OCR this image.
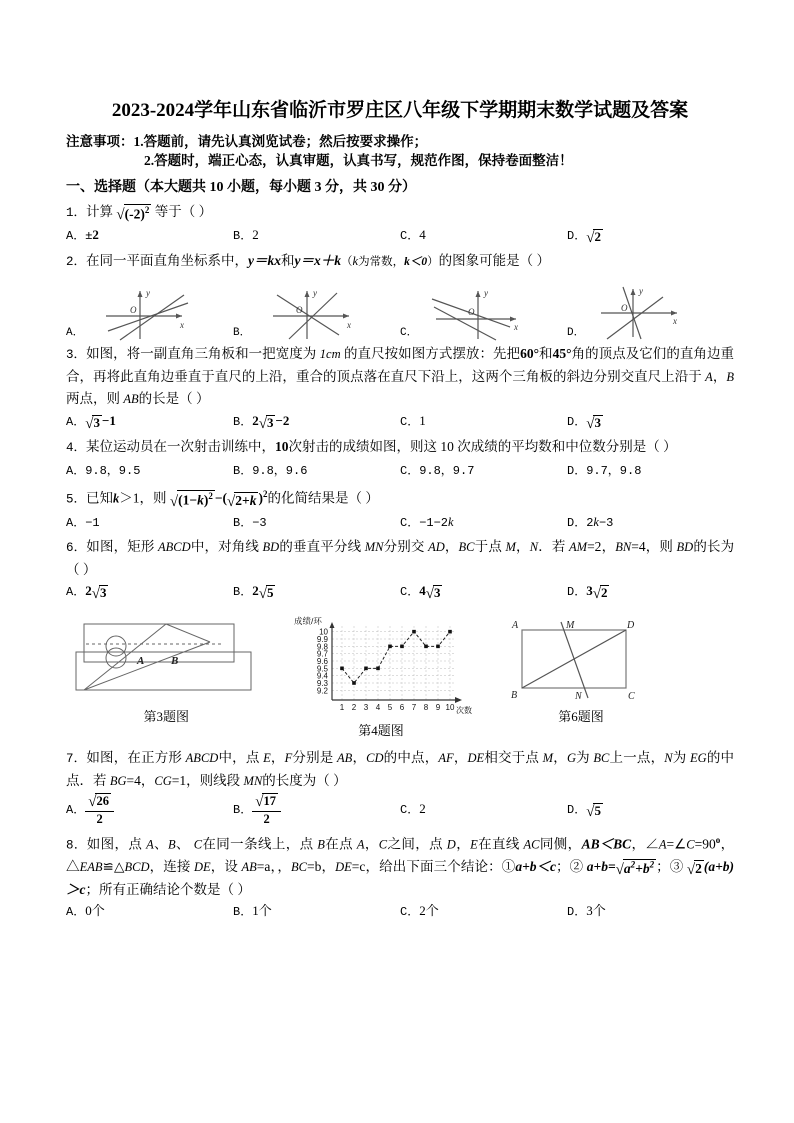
2023-2024学年山东省临沂市罗庄区八年级下学期期末数学试题及答案
注意事项：1.答题前，请先认真浏览试卷；然后按要求操作；
2.答题时，端正心态，认真审题，认真书写，规范作图，保持卷面整洁！
一、选择题（本大题共 10 小题，每小题 3 分，共 30 分）
1．计算 $√(-2)^2$ 等于（ ）
A．±2	B．2	C．4	D．√2
2．在同一平面直角坐标系中，y＝kx和y＝x＋k（k为常数，k＜0）的图象可能是（ ）
A．
O
x
y
B．
O
x
y
C．
O
x
y
D．
O
x
y
3．如图，将一副直角三角板和一把宽度为 1cm 的直尺按如图方式摆放：先把60°和45°角的顶点及它们的直角边重合，再将此直角边垂直于直尺的上沿，重合的顶点落在直尺下沿上，这两个三角板的斜边分别交直尺上沿于 A，B两点，则 AB的长是（ ）
A．√3 −1	B．2√3 −2	C．1	D．√3
4．某位运动员在一次射击训练中，10次射击的成绩如图，则这 10 次成绩的平均数和中位数分别是（ ）
A．9.8，9.5	B．9.8，9.6	C．9.8，9.7	D．9.7，9.8
5．已知k＞1，则 $√(1-k)^2 -(√2+k$ )$^2$的化简结果是（ ）
A．−1	B．−3	C．−1−2k	D．2k−3
6．如图，矩形 ABCD中，对角线 BD的垂直平分线 MN分别交 AD，BC于点 M，N．若 AM=2，BN=4，则 BD的长为（ ）
A．2√3	B．2√5	C．4√3	D．3√2
A B
第3题图
成绩/环
10
9.9
9.8
9.7
9.6
9.5
9.4
9.3
9.2
1 2 3 4 5 6 7 8 9 10 次数
第4题图
A	M	D
B	N	C
第6题图
7．如图，在正方形 ABCD中，点 E，F分别是 AB，CD的中点，AF，DE相交于点 M，G为 BC上一点，N为 EG的中点．若 BG=4，CG=1，则线段 MN的长度为（ ）
A． $\frac{√26}{2}$	B． $\frac{√17}{2}$	C．2	D．√5
8．如图，点 A、B、 C在同一条线上，点 B在点 A，C之间，点 D，E在直线 AC同侧，AB＜BC，$\angle A=\angle C=90^o$，△EAB≌△BCD，连接 DE，设 AB=a，，BC=b，DE=c，给出下面三个结论：①a+b＜c；② $a+b=√a^2+b^2$ ；③ √2 (a+b)＞c；所有正确结论个数是（ ）
A．0个	B．1个	C．2个	D．3个
